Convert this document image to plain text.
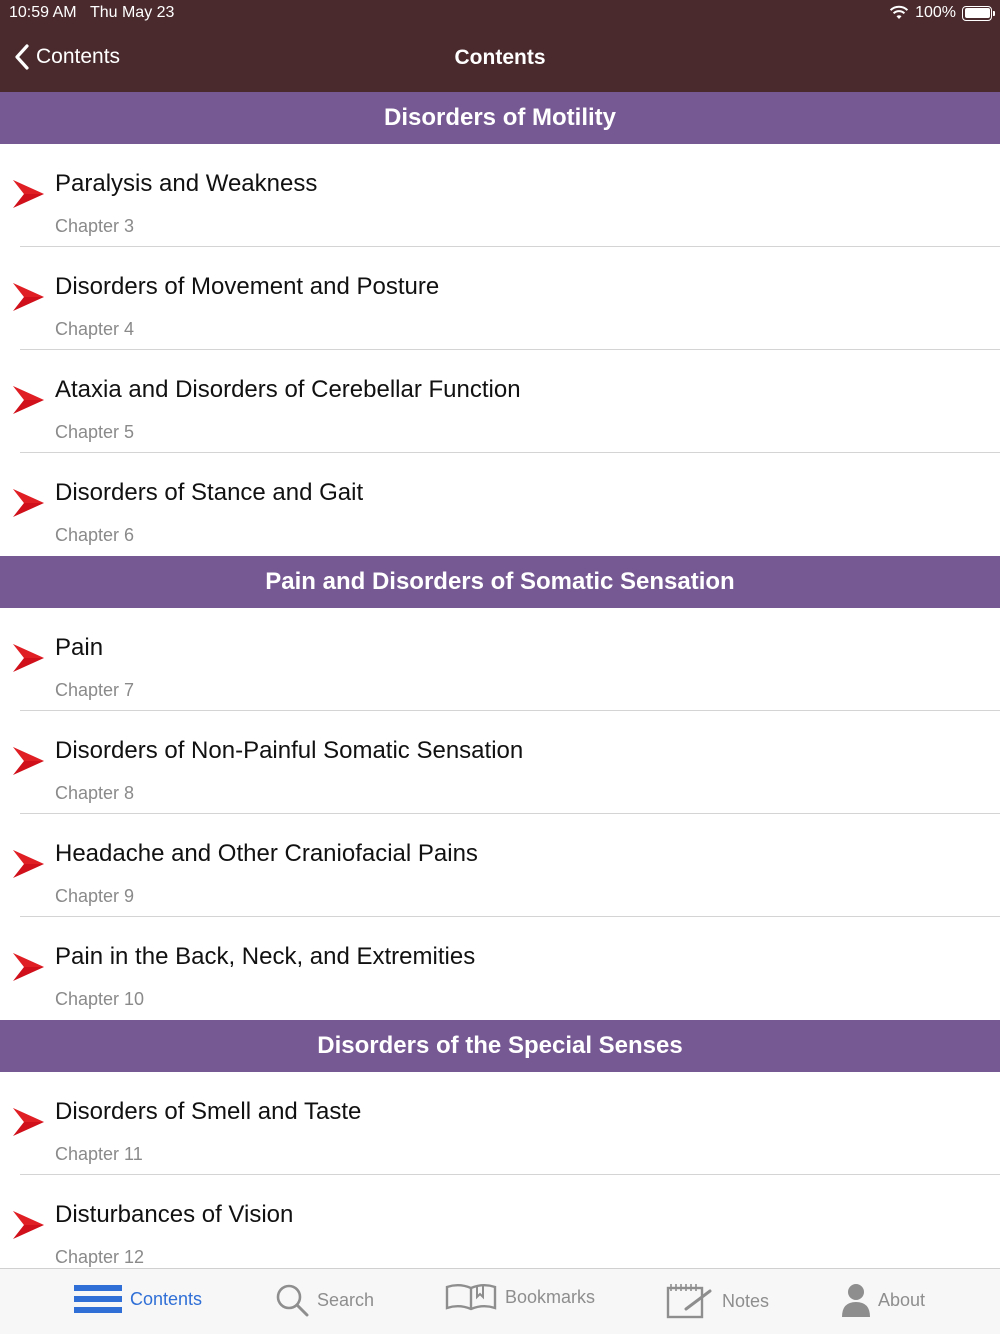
10:59 AM Thu May 23	100%
Contents	Contents
Disorders of Motility
Paralysis and Weakness
Chapter 3
Disorders of Movement and Posture
Chapter 4
Ataxia and Disorders of Cerebellar Function
Chapter 5
Disorders of Stance and Gait
Chapter 6
Pain and Disorders of Somatic Sensation
Pain
Chapter 7
Disorders of Non-Painful Somatic Sensation
Chapter 8
Headache and Other Craniofacial Pains
Chapter 9
Pain in the Back, Neck, and Extremities
Chapter 10
Disorders of the Special Senses
Disorders of Smell and Taste
Chapter 11
Disturbances of Vision
Chapter 12
Contents	Search	Bookmarks	Notes	About
